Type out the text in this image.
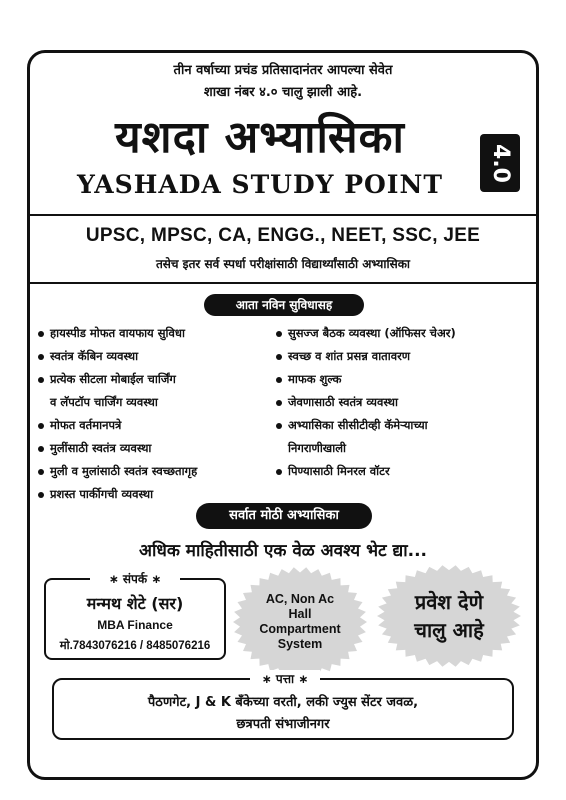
तीन वर्षाच्या प्रचंड प्रतिसादानंतर आपल्या सेवेत
शाखा नंबर ४.० चालु झाली आहे.
यशदा अभ्यासिका
YASHADA STUDY POINT
4.0
UPSC, MPSC, CA, ENGG., NEET, SSC, JEE
तसेच इतर सर्व स्पर्धा परीक्षांसाठी विद्यार्थ्यांसाठी अभ्यासिका
आता नविन सुविधासह
हायस्पीड मोफत वायफाय सुविधा
स्वतंत्र कॅबिन व्यवस्था
प्रत्येक सीटला मोबाईल चार्जिंग
व लॅपटॉप चार्जिंग व्यवस्था
मोफत वर्तमानपत्रे
मुलींसाठी स्वतंत्र व्यवस्था
मुली व मुलांसाठी स्वतंत्र स्वच्छतागृह
प्रशस्त पार्कीगची व्यवस्था
सुसज्ज बैठक व्यवस्था (ऑफिसर चेअर)
स्वच्छ व शांत प्रसन्न वातावरण
माफक शुल्क
जेवणासाठी स्वतंत्र व्यवस्था
अभ्यासिका सीसीटीव्ही कॅमेऱ्याच्या
निगराणीखाली
पिण्यासाठी मिनरल वॉटर
सर्वात मोठी अभ्यासिका
अधिक माहितीसाठी एक वेळ अवश्य भेट द्या...
∗ संपर्क ∗
मन्मथ शेटे (सर)
MBA Finance
मो.7843076216 / 8485076216
AC, Non Ac
Hall
Compartment
System
प्रवेश देणे
चालु आहे
∗ पत्ता ∗
पैठणगेट, J & K बँकेच्या वरती, लकी ज्युस सेंटर जवळ,
छत्रपती संभाजीनगर
